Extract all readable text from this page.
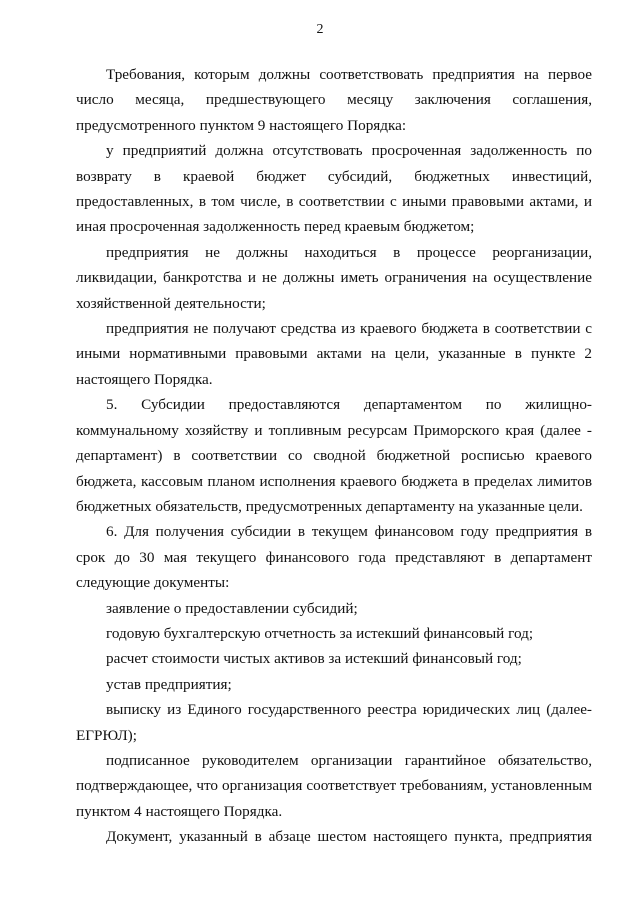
2

Требования, которым должны соответствовать предприятия на первое число месяца, предшествующего месяцу заключения соглашения, предусмотренного пунктом 9 настоящего Порядка:

у предприятий должна отсутствовать просроченная задолженность по возврату в краевой бюджет субсидий, бюджетных инвестиций, предоставленных, в том числе, в соответствии с иными правовыми актами, и иная просроченная задолженность перед краевым бюджетом;

предприятия не должны находиться в процессе реорганизации, ликвидации, банкротства и не должны иметь ограничения на осуществление хозяйственной деятельности;

предприятия не получают средства из краевого бюджета в соответствии с иными нормативными правовыми актами на цели, указанные в пункте 2 настоящего Порядка.

5. Субсидии предоставляются департаментом по жилищно-коммунальному хозяйству и топливным ресурсам Приморского края (далее - департамент) в соответствии со сводной бюджетной росписью краевого бюджета, кассовым планом исполнения краевого бюджета в пределах лимитов бюджетных обязательств, предусмотренных департаменту на указанные цели.

6. Для получения субсидии в текущем финансовом году предприятия в срок до 30 мая текущего финансового года представляют в департамент следующие документы:

заявление о предоставлении субсидий;

годовую бухгалтерскую отчетность за истекший финансовый год;

расчет стоимости чистых активов за истекший финансовый год;

устав предприятия;

выписку из Единого государственного реестра юридических лиц (далее- ЕГРЮЛ);

подписанное руководителем организации гарантийное обязательство, подтверждающее, что организация соответствует требованиям, установленным пунктом 4 настоящего Порядка.

Документ, указанный в абзаце шестом настоящего пункта, предприятия
